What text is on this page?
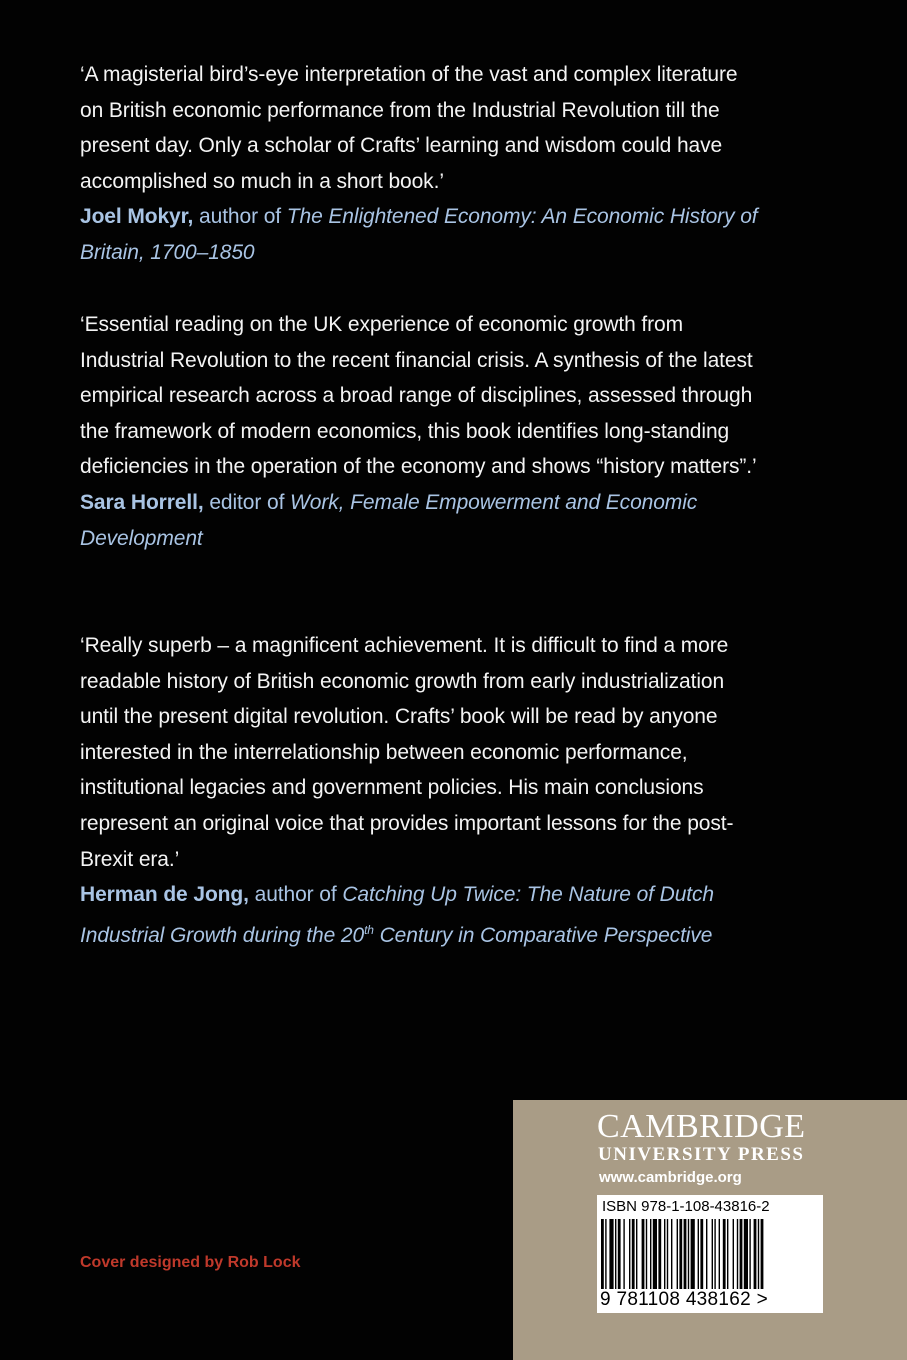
‘A magisterial bird’s-eye interpretation of the vast and complex literature on British economic performance from the Industrial Revolution till the present day. Only a scholar of Crafts’ learning and wisdom could have accomplished so much in a short book.’

Joel Mokyr, author of The Enlightened Economy: An Economic History of Britain, 1700–1850

‘Essential reading on the UK experience of economic growth from Industrial Revolution to the recent financial crisis. A synthesis of the latest empirical research across a broad range of disciplines, assessed through the framework of modern economics, this book identifies long-standing deficiencies in the operation of the economy and shows “history matters”.’

Sara Horrell, editor of Work, Female Empowerment and Economic Development

‘Really superb – a magnificent achievement. It is difficult to find a more readable history of British economic growth from early industrialization until the present digital revolution. Crafts’ book will be read by anyone interested in the interrelationship between economic performance, institutional legacies and government policies. His main conclusions represent an original voice that provides important lessons for the post-Brexit era.’

Herman de Jong, author of Catching Up Twice: The Nature of Dutch Industrial Growth during the 20th Century in Comparative Perspective

Cover designed by Rob Lock
CAMBRIDGE
UNIVERSITY PRESS
www.cambridge.org
ISBN 978-1-108-43816-2
9 781108 438162 >
